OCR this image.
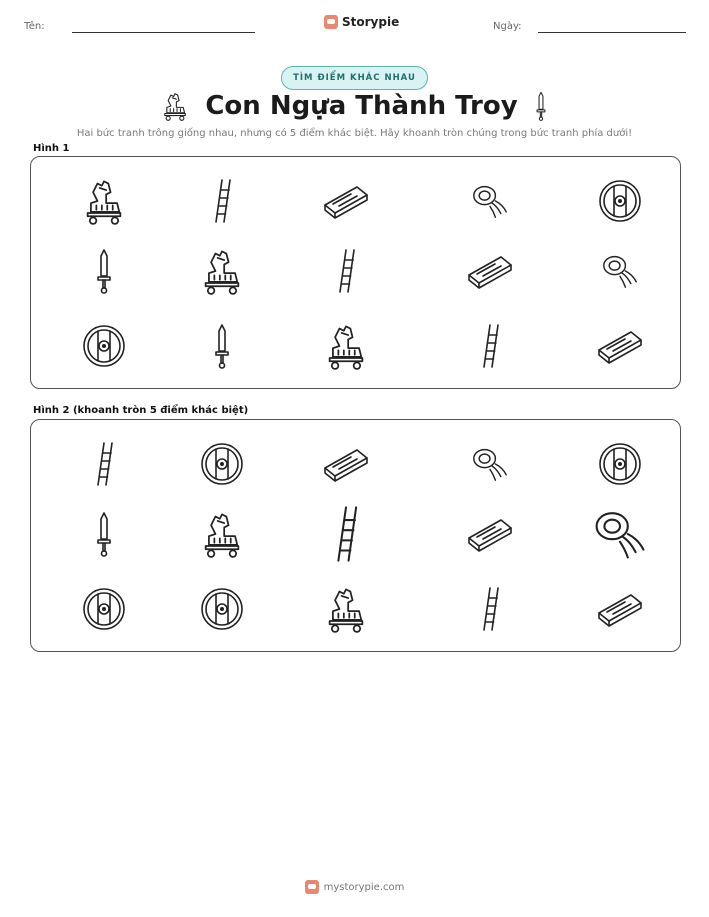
Tên:	Storypie	Ngày:
TÌM ĐIỂM KHÁC NHAU
Con Ngựa Thành Troy
Hai bức tranh trông giống nhau, nhưng có 5 điểm khác biệt. Hãy khoanh tròn chúng trong bức tranh phía dưới!
Hình 1
Hình 2 (khoanh tròn 5 điểm khác biệt)
mystorypie.com
